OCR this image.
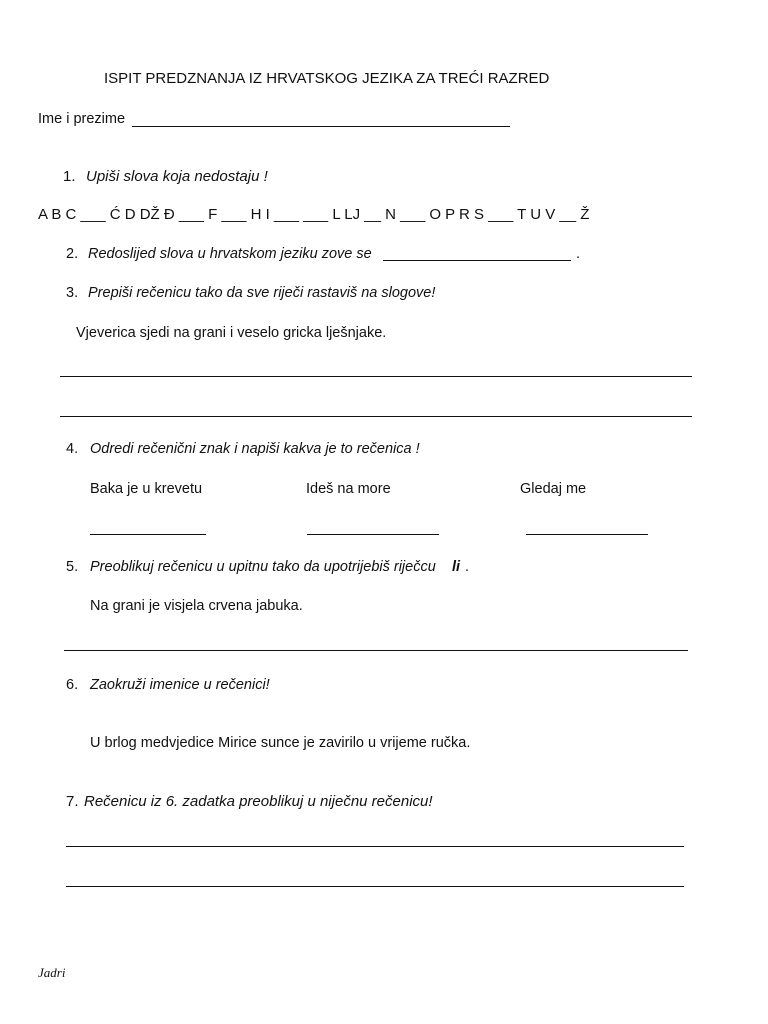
ISPIT PREDZNANJA IZ HRVATSKOG JEZIKA ZA TREĆI RAZRED
Ime i prezime
1. Upiši slova koja nedostaju !
A B C ___ Ć D DŽ Đ ___ F ___ H I ___ ___ L LJ __ N ___ O P R S ___ T U V __ Ž
2. Redoslijed slova u hrvatskom jeziku zove se	.
3. Prepiši rečenicu tako da sve riječi rastaviš na slogove!
Vjeverica sjedi na grani i veselo gricka lješnjake.
4. Odredi rečenični znak i napiši kakva je to rečenica !
Baka je u krevetu	Ideš na more	Gledaj me
5. Preoblikuj rečenicu u upitnu tako da upotrijebiš riječcu li .
Na grani je visjela crvena jabuka.
6. Zaokruži imenice u rečenici!
U brlog medvjedice Mirice sunce je zavirilo u vrijeme ručka.
7. Rečenicu iz 6. zadatka preoblikuj u niječnu rečenicu!
Jadri
